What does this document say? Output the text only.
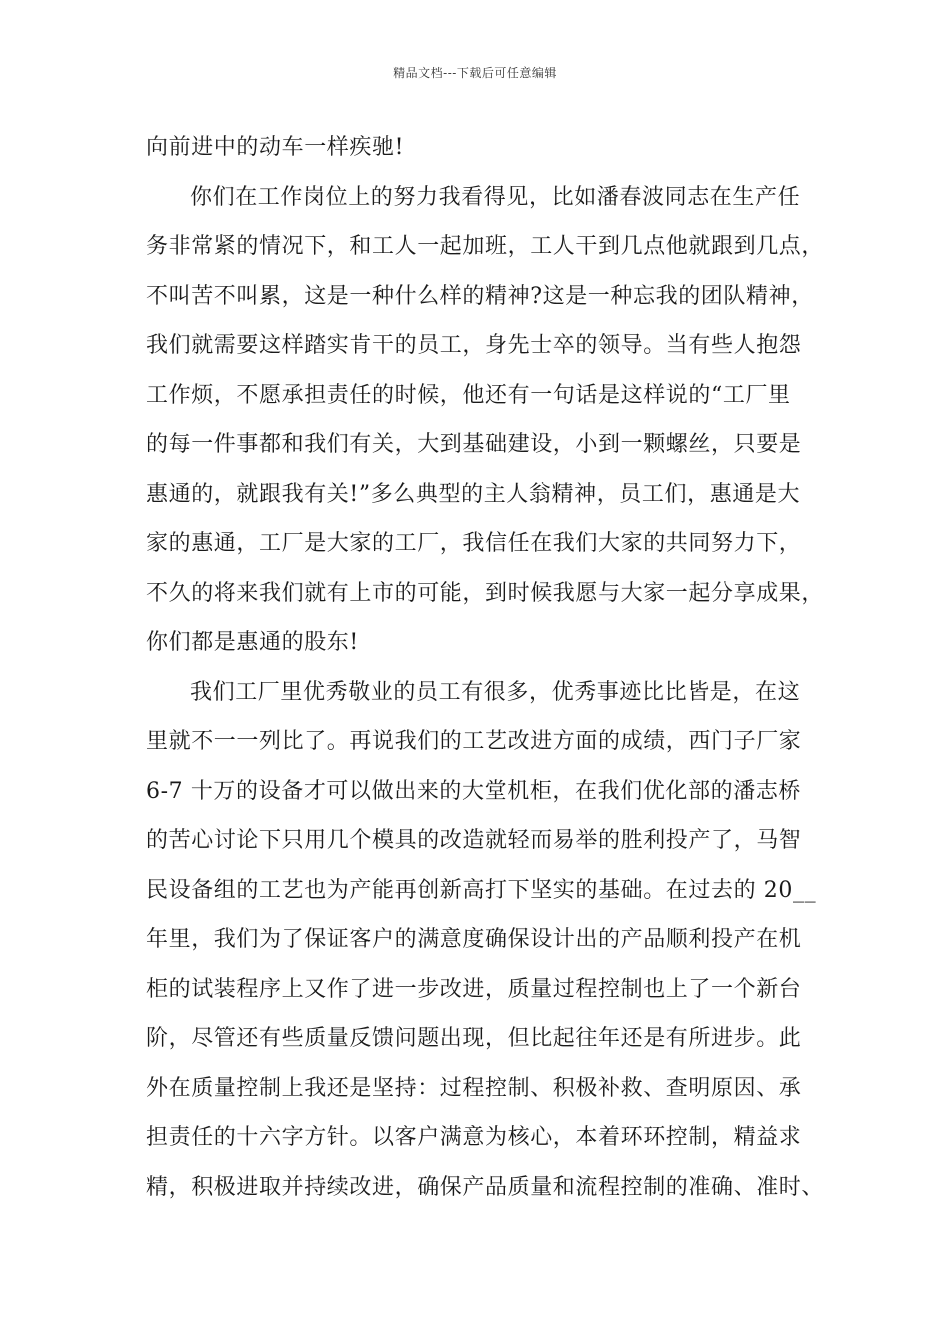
精品文档---下载后可任意编辑
向前进中的动车一样疾驰!
你们在工作岗位上的努力我看得见，比如潘春波同志在生产任
务非常紧的情况下，和工人一起加班，工人干到几点他就跟到几点，
不叫苦不叫累，这是一种什么样的精神?这是一种忘我的团队精神，
我们就需要这样踏实肯干的员工，身先士卒的领导。当有些人抱怨
工作烦，不愿承担责任的时候，他还有一句话是这样说的“工厂里
的每一件事都和我们有关，大到基础建设，小到一颗螺丝，只要是
惠通的，就跟我有关!”多么典型的主人翁精神，员工们，惠通是大
家的惠通，工厂是大家的工厂，我信任在我们大家的共同努力下，
不久的将来我们就有上市的可能，到时候我愿与大家一起分享成果，
你们都是惠通的股东!
我们工厂里优秀敬业的员工有很多，优秀事迹比比皆是，在这
里就不一一列比了。再说我们的工艺改进方面的成绩，西门子厂家
6-7 十万的设备才可以做出来的大堂机柜，在我们优化部的潘志桥
的苦心讨论下只用几个模具的改造就轻而易举的胜利投产了，马智
民设备组的工艺也为产能再创新高打下坚实的基础。在过去的 20__
年里，我们为了保证客户的满意度确保设计出的产品顺利投产在机
柜的试装程序上又作了进一步改进，质量过程控制也上了一个新台
阶，尽管还有些质量反馈问题出现，但比起往年还是有所进步。此
外在质量控制上我还是坚持：过程控制、积极补救、查明原因、承
担责任的十六字方针。以客户满意为核心，本着环环控制，精益求
精，积极进取并持续改进，确保产品质量和流程控制的准确、准时、
